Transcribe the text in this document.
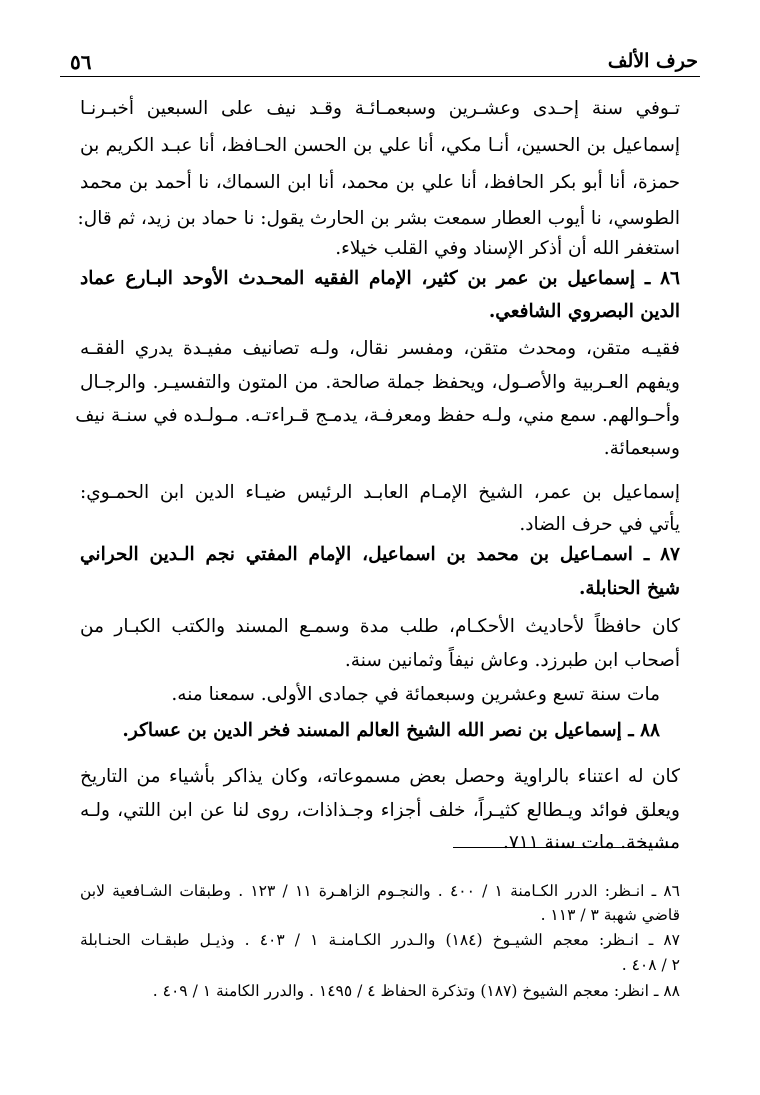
٥٦	حرف الألف
تـوفي سنة إحـدى وعشـرين وسبعمـائـة وقـد نيف على السبعين أخبـرنـا
إسماعيل بن الحسين، أنـا مكي، أنا علي بن الحسن الحـافظ، أنا عبـد الكريم بن
حمزة، أنا أبو بكر الحافظ، أنا علي بن محمد، أنا ابن السماك، نا أحمد بن محمد
الطوسي، نا أيوب العطار سمعت بشر بن الحارث يقول: نا حماد بن زيد، ثم قال:
استغفر الله أن أذكر الإسناد وفي القلب خيلاء.
٨٦ ـ إسماعيل بن عمر بن كثير، الإمام الفقيه المحـدث الأوحد البـارع عماد
الدين البصروي الشافعي.
فقيـه متقن، ومحدث متقن، ومفسر نقال، ولـه تصانيف مفيـدة يدري الفقـه
ويفهم العـربية والأصـول، ويحفظ جملة صالحة. من المتون والتفسيـر. والرجـال
وأحـوالهم. سمع مني، ولـه حفظ ومعرفـة، يدمـج قـراءتـه. مـولـده في سنـة نيف
وسبعمائة.
إسماعيل بن عمر، الشيخ الإمـام العابـد الرئيس ضيـاء الدين ابن الحمـوي:
يأتي في حرف الضاد.
٨٧ ـ اسمـاعيل بن محمد بن اسماعيل، الإمام المفتي نجم الـدين الحراني
شيخ الحنابلة.
كان حافظاً لأحاديث الأحكـام، طلب مدة وسمـع المسند والكتب الكبـار من
أصحاب ابن طبرزد. وعاش نيفاً وثمانين سنة.
مات سنة تسع وعشرين وسبعمائة في جمادى الأولى. سمعنا منه.
٨٨ ـ إسماعيل بن نصر الله الشيخ العالم المسند فخر الدين بن عساكر.
كان له اعتناء بالراوية وحصل بعض مسموعاته، وكان يذاكر بأشياء من التاريخ
ويعلق فوائد ويـطالع كثيـراً، خلف أجزاء وجـذاذات، روى لنا عن ابن اللتي، ولـه
مشيخة. مات سنة ٧١١.
٨٦ ـ انـظر: الدرر الكـامنة ١ / ٤٠٠ . والنجـوم الزاهـرة ١١ / ١٢٣ . وطبقات الشـافعية لابن
قاضي شهبة ٣ / ١١٣ .
٨٧ ـ انـظر: معجم الشيـوخ (١٨٤) والـدرر الكـامنـة ١ / ٤٠٣ . وذيـل طبقـات الحنـابلة
٢ / ٤٠٨ .
٨٨ ـ انظر: معجم الشيوخ (١٨٧) وتذكرة الحفاظ ٤ / ١٤٩٥ . والدرر الكامنة ١ / ٤٠٩ .
